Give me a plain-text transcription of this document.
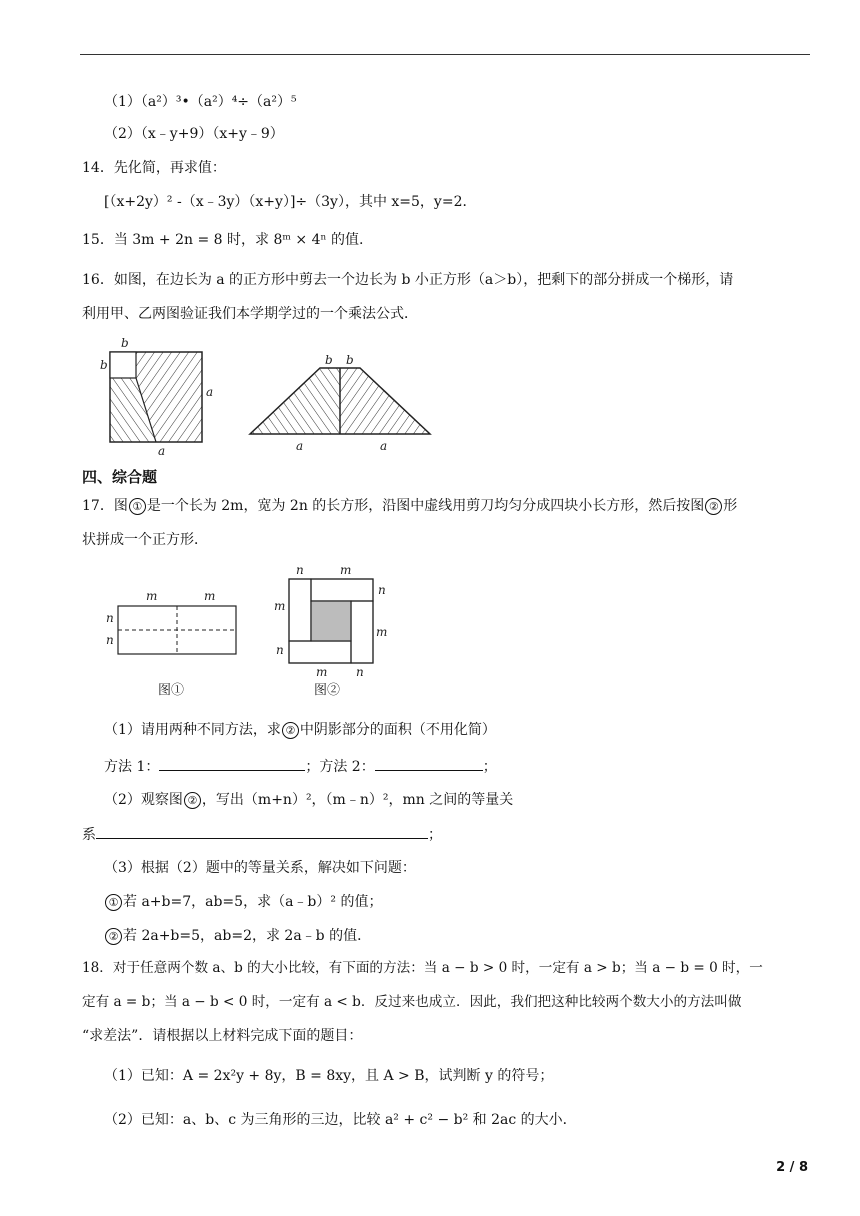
（1）（a²）³•（a²）⁴÷（a²）⁵
（2）（x﹣y+9）（x+y﹣9）
14．先化简，再求值：
[（x+2y）² -（x﹣3y）（x+y）]÷（3y），其中 x=5，y=2．
15．当 3m + 2n = 8 时，求 8ᵐ × 4ⁿ 的值.
16．如图，在边长为 a 的正方形中剪去一个边长为 b 小正方形（a＞b），把剩下的部分拼成一个梯形，请
利用甲、乙两图验证我们本学期学过的一个乘法公式．
b
b
a
a
b b
a	a
四、综合题
17．图 ① 是一个长为 2m，宽为 2n 的长方形，沿图中虚线用剪刀均匀分成四块小长方形，然后按图 ② 形
状拼成一个正方形．
m	m
n
n
图①
n	m
m
n
n
m
m n
图②
（1）请用两种不同方法，求 ② 中阴影部分的面积（不用化简）
方法 1：	；方法 2：	；
（2）观察图 ② ，写出（m+n）²，（m﹣n）²，mn 之间的等量关
系	；
（3）根据（2）题中的等量关系，解决如下问题：
① 若 a+b=7，ab=5，求（a﹣b）² 的值；
② 若 2a+b=5，ab=2，求 2a﹣b 的值．
18．对于任意两个数 a、b 的大小比较，有下面的方法：当 a − b > 0 时，一定有 a > b；当 a − b = 0 时，一
定有 a = b；当 a − b < 0 时，一定有 a < b．反过来也成立．因此，我们把这种比较两个数大小的方法叫做
“求差法”．请根据以上材料完成下面的题目：
（1）已知：A = 2x²y + 8y，B = 8xy，且 A > B，试判断 y 的符号；
（2）已知：a、b、c 为三角形的三边，比较 a² + c² − b² 和 2ac 的大小．
2 / 8
